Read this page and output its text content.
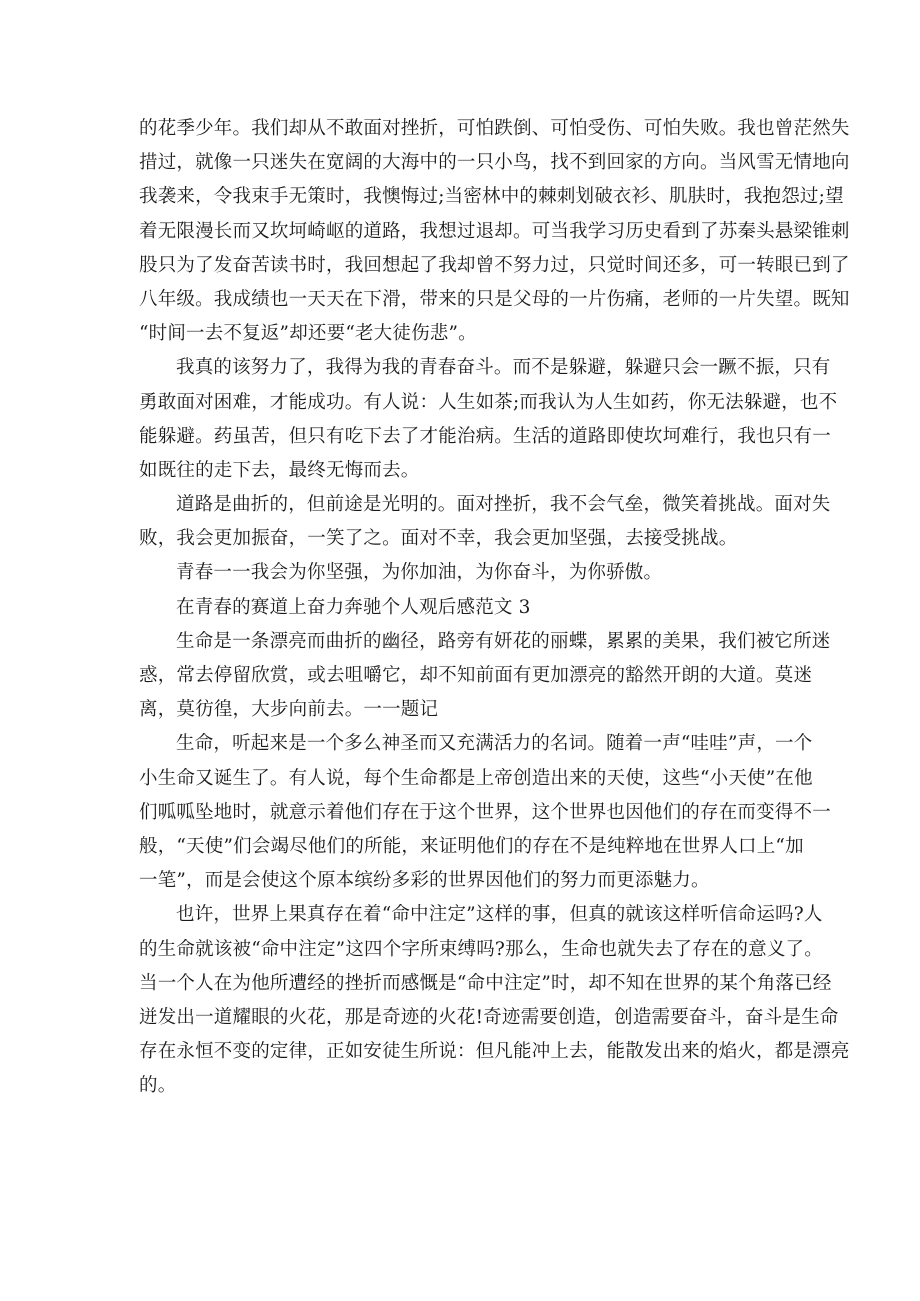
的花季少年。我们却从不敢面对挫折，可怕跌倒、可怕受伤、可怕失败。我也曾茫然失
措过，就像一只迷失在宽阔的大海中的一只小鸟，找不到回家的方向。当风雪无情地向
我袭来，令我束手无策时，我懊悔过;当密林中的棘刺划破衣衫、肌肤时，我抱怨过;望
着无限漫长而又坎坷崎岖的道路，我想过退却。可当我学习历史看到了苏秦头悬梁锥刺
股只为了发奋苦读书时，我回想起了我却曾不努力过，只觉时间还多，可一转眼已到了
八年级。我成绩也一天天在下滑，带来的只是父母的一片伤痛，老师的一片失望。既知
“时间一去不复返”却还要“老大徒伤悲”。
我真的该努力了，我得为我的青春奋斗。而不是躲避，躲避只会一蹶不振，只有
勇敢面对困难，才能成功。有人说：人生如茶;而我认为人生如药，你无法躲避，也不
能躲避。药虽苦，但只有吃下去了才能治病。生活的道路即使坎坷难行，我也只有一
如既往的走下去，最终无悔而去。
道路是曲折的，但前途是光明的。面对挫折，我不会气垒，微笑着挑战。面对失
败，我会更加振奋，一笑了之。面对不幸，我会更加坚强，去接受挑战。
青春一一我会为你坚强，为你加油，为你奋斗，为你骄傲。
在青春的赛道上奋力奔驰个人观后感范文 3
生命是一条漂亮而曲折的幽径，路旁有妍花的丽蝶，累累的美果，我们被它所迷
惑，常去停留欣赏，或去咀嚼它，却不知前面有更加漂亮的豁然开朗的大道。莫迷
离，莫彷徨，大步向前去。一一题记
生命，听起来是一个多么神圣而又充满活力的名词。随着一声“哇哇”声，一个
小生命又诞生了。有人说，每个生命都是上帝创造出来的天使，这些“小天使”在他
们呱呱坠地时，就意示着他们存在于这个世界，这个世界也因他们的存在而变得不一
般，“天使”们会竭尽他们的所能，来证明他们的存在不是纯粹地在世界人口上“加
一笔”，而是会使这个原本缤纷多彩的世界因他们的努力而更添魅力。
也许，世界上果真存在着“命中注定”这样的事，但真的就该这样听信命运吗?人
的生命就该被“命中注定”这四个字所束缚吗?那么，生命也就失去了存在的意义了。
当一个人在为他所遭经的挫折而感慨是“命中注定”时，却不知在世界的某个角落已经
迸发出一道耀眼的火花，那是奇迹的火花!奇迹需要创造，创造需要奋斗，奋斗是生命
存在永恒不变的定律，正如安徒生所说：但凡能冲上去，能散发出来的焰火，都是漂亮
的。
